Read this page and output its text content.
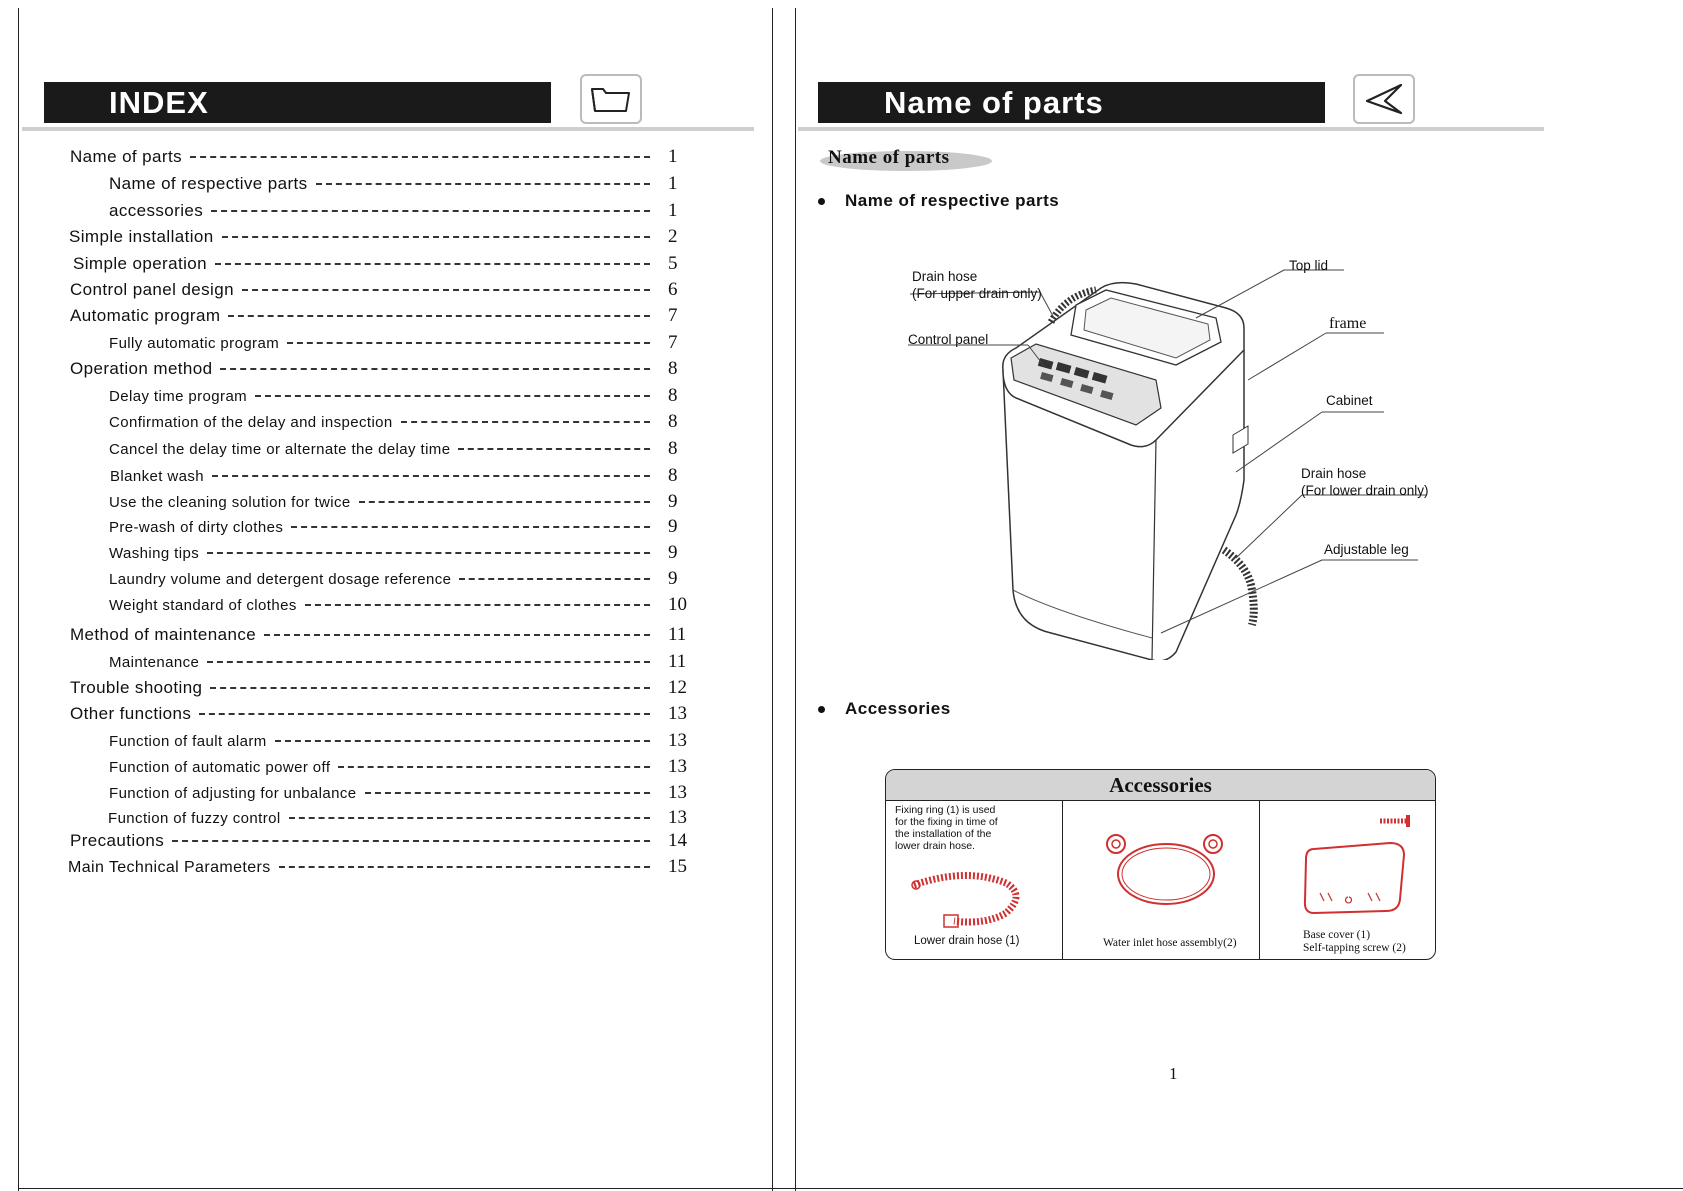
INDEX
Name of parts	1
Name of respective parts	1
accessories	1
Simple installation	2
Simple operation	5
Control panel design	6
Automatic program	7
Fully automatic program	7
Operation method	8
Delay time program	8
Confirmation of the delay and inspection	8
Cancel the delay time or alternate the delay time	8
Blanket wash	8
Use the cleaning solution for twice	9
Pre-wash of dirty clothes	9
Washing tips	9
Laundry volume and detergent dosage reference	9
Weight standard of clothes	10
Method of maintenance	11
Maintenance	11
Trouble shooting	12
Other functions	13
Function of fault alarm	13
Function of automatic power off	13
Function of adjusting for unbalance	13
Function of fuzzy control	13
Precautions	14
Main Technical Parameters	15
Name of parts
Name of parts
Name of respective parts
Drain hose
(For upper drain only)
Control panel
Top lid
frame
Cabinet
Drain hose
(For lower drain only)
Adjustable leg
Accessories
Accessories
Fixing ring (1) is used
for the fixing in time of
the installation of the
lower drain hose.
Lower drain hose (1)	Water inlet hose assembly(2)
Base cover (1)
Self-tapping screw (2)
1
